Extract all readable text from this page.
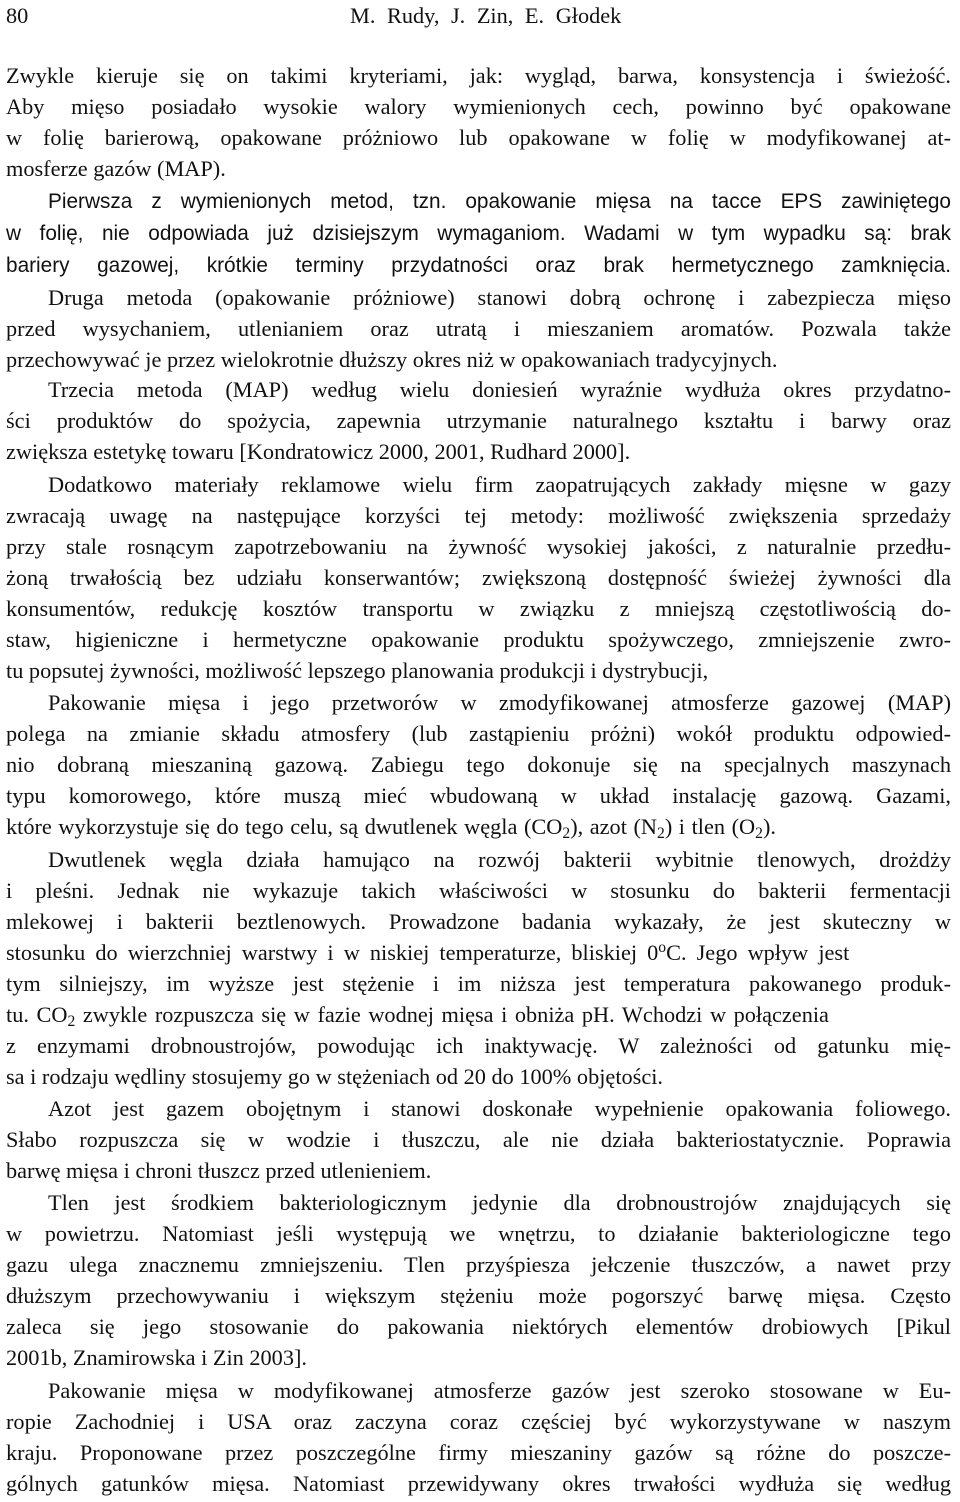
80	M. Rudy, J. Zin, E. Głodek

Zwykle kieruje się on takimi kryteriami, jak: wygląd, barwa, konsystencja i świeżość.

Aby mięso posiadało wysokie walory wymienionych cech, powinno być opakowane

w folię barierową, opakowane próżniowo lub opakowane w folię w modyfikowanej at-

mosferze gazów (MAP).

Pierwsza z wymienionych metod, tzn. opakowanie mięsa na tacce EPS zawiniętego

w folię, nie odpowiada już dzisiejszym wymaganiom. Wadami w tym wypadku są: brak

bariery gazowej, krótkie terminy przydatności oraz brak hermetycznego zamknięcia.

Druga metoda (opakowanie próżniowe) stanowi dobrą ochronę i zabezpiecza mięso

przed wysychaniem, utlenianiem oraz utratą i mieszaniem aromatów. Pozwala także

przechowywać je przez wielokrotnie dłuższy okres niż w opakowaniach tradycyjnych.

Trzecia metoda (MAP) według wielu doniesień wyraźnie wydłuża okres przydatno-

ści produktów do spożycia, zapewnia utrzymanie naturalnego kształtu i barwy oraz

zwiększa estetykę towaru [Kondratowicz 2000, 2001, Rudhard 2000].

Dodatkowo materiały reklamowe wielu firm zaopatrujących zakłady mięsne w gazy

zwracają uwagę na następujące korzyści tej metody: możliwość zwiększenia sprzedaży

przy stale rosnącym zapotrzebowaniu na żywność wysokiej jakości, z naturalnie przedłu-

żoną trwałością bez udziału konserwantów; zwiększoną dostępność świeżej żywności dla

konsumentów, redukcję kosztów transportu w związku z mniejszą częstotliwością do-

staw, higieniczne i hermetyczne opakowanie produktu spożywczego, zmniejszenie zwro-

tu popsutej żywności, możliwość lepszego planowania produkcji i dystrybucji,

Pakowanie mięsa i jego przetworów w zmodyfikowanej atmosferze gazowej (MAP)

polega na zmianie składu atmosfery (lub zastąpieniu próżni) wokół produktu odpowied-

nio dobraną mieszaniną gazową. Zabiegu tego dokonuje się na specjalnych maszynach

typu komorowego, które muszą mieć wbudowaną w układ instalację gazową. Gazami,

które wykorzystuje się do tego celu, są dwutlenek węgla $(CO_2)$, azot $(N_2)$ i tlen $(O_2)$.

Dwutlenek węgla działa hamująco na rozwój bakterii wybitnie tlenowych, drożdży

i pleśni. Jednak nie wykazuje takich właściwości w stosunku do bakterii fermentacji

mlekowej i bakterii beztlenowych. Prowadzone badania wykazały, że jest skuteczny w

stosunku do wierzchniej warstwy i w niskiej temperaturze, bliskiej 0$^o$C. Jego wpływ jest

tym silniejszy, im wyższe jest stężenie i im niższa jest temperatura pakowanego produk-

tu. $CO_2$ zwykle rozpuszcza się w fazie wodnej mięsa i obniża pH. Wchodzi w połączenia

z enzymami drobnoustrojów, powodując ich inaktywację. W zależności od gatunku mię-

sa i rodzaju wędliny stosujemy go w stężeniach od 20 do 100% objętości.

Azot jest gazem obojętnym i stanowi doskonałe wypełnienie opakowania foliowego.

Słabo rozpuszcza się w wodzie i tłuszczu, ale nie działa bakteriostatycznie. Poprawia

barwę mięsa i chroni tłuszcz przed utlenieniem.

Tlen jest środkiem bakteriologicznym jedynie dla drobnoustrojów znajdujących się

w powietrzu. Natomiast jeśli występują we wnętrzu, to działanie bakteriologiczne tego

gazu ulega znacznemu zmniejszeniu. Tlen przyśpiesza jełczenie tłuszczów, a nawet przy

dłuższym przechowywaniu i większym stężeniu może pogorszyć barwę mięsa. Często

zaleca się jego stosowanie do pakowania niektórych elementów drobiowych [Pikul

2001b, Znamirowska i Zin 2003].

Pakowanie mięsa w modyfikowanej atmosferze gazów jest szeroko stosowane w Eu-

ropie Zachodniej i USA oraz zaczyna coraz częściej być wykorzystywane w naszym

kraju. Proponowane przez poszczególne firmy mieszaniny gazów są różne do poszcze-

gólnych gatunków mięsa. Natomiast przewidywany okres trwałości wydłuża się według
